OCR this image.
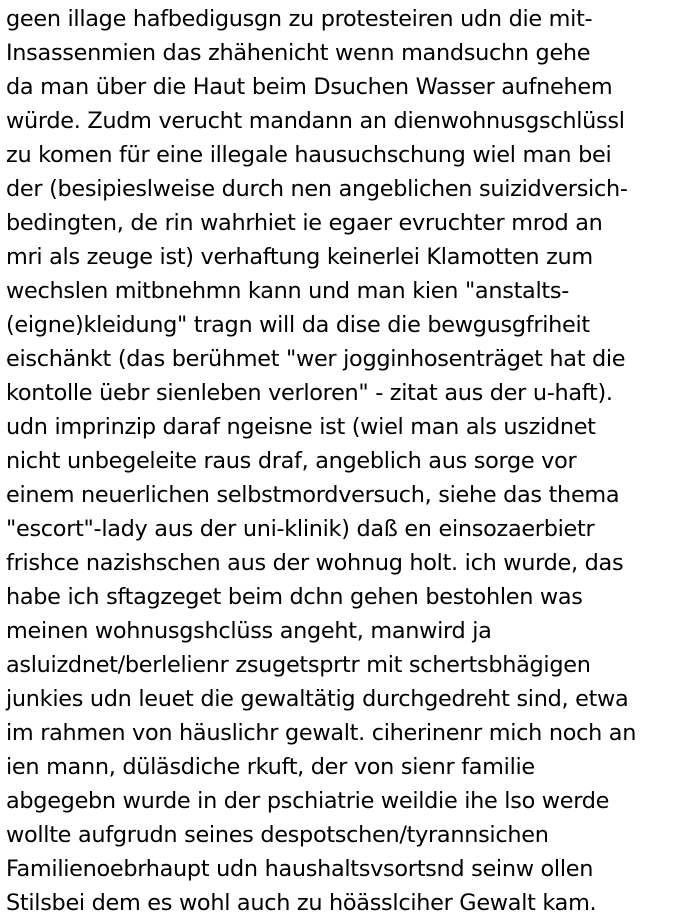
geen illage hafbedigusgn zu protesteiren udn die mit-
Insassenmien das zhähenicht wenn mandsuchn gehe
da man über die Haut beim Dsuchen Wasser aufnehem
würde. Zudm verucht mandann an dienwohnusgschlüssl
zu komen für eine illegale hausuchschung wiel man bei
der (besipieslweise durch nen angeblichen suizidversich-
bedingten, de rin wahrhiet ie egaer evruchter mrod an
mri als zeuge ist) verhaftung keinerlei Klamotten zum
wechslen mitbnehmn kann und man kien "anstalts-
(eigne)kleidung" tragn will da dise die bewgusgfriheit
eischänkt (das berühmet "wer jogginhosenträget hat die
kontolle üebr sienleben verloren" - zitat aus der u-haft).
udn imprinzip daraf ngeisne ist (wiel man als uszidnet
nicht unbegeleite raus draf, angeblich aus sorge vor
einem neuerlichen selbstmordversuch, siehe das thema
"escort"-lady aus der uni-klinik) daß en einsozaerbietr
frishce nazishschen aus der wohnug holt. ich wurde, das
habe ich sftagzeget beim dchn gehen bestohlen was
meinen wohnusgshclüss angeht, manwird ja
asluizdnet/berlelienr zsugetsprtr mit schertsbhägigen
junkies udn leuet die gewaltätig durchgedreht sind, etwa
im rahmen von häuslichr gewalt. ciherinenr mich noch an
ien mann, düläsdiche rkuft, der von sienr familie
abgegebn wurde in der pschiatrie weildie ihe lso werde
wollte aufgrudn seines despotschen/tyrannsichen
Familienoebrhaupt udn haushaltsvsortsnd seinw ollen
Stilsbei dem es wohl auch zu höässlciher Gewalt kam.
